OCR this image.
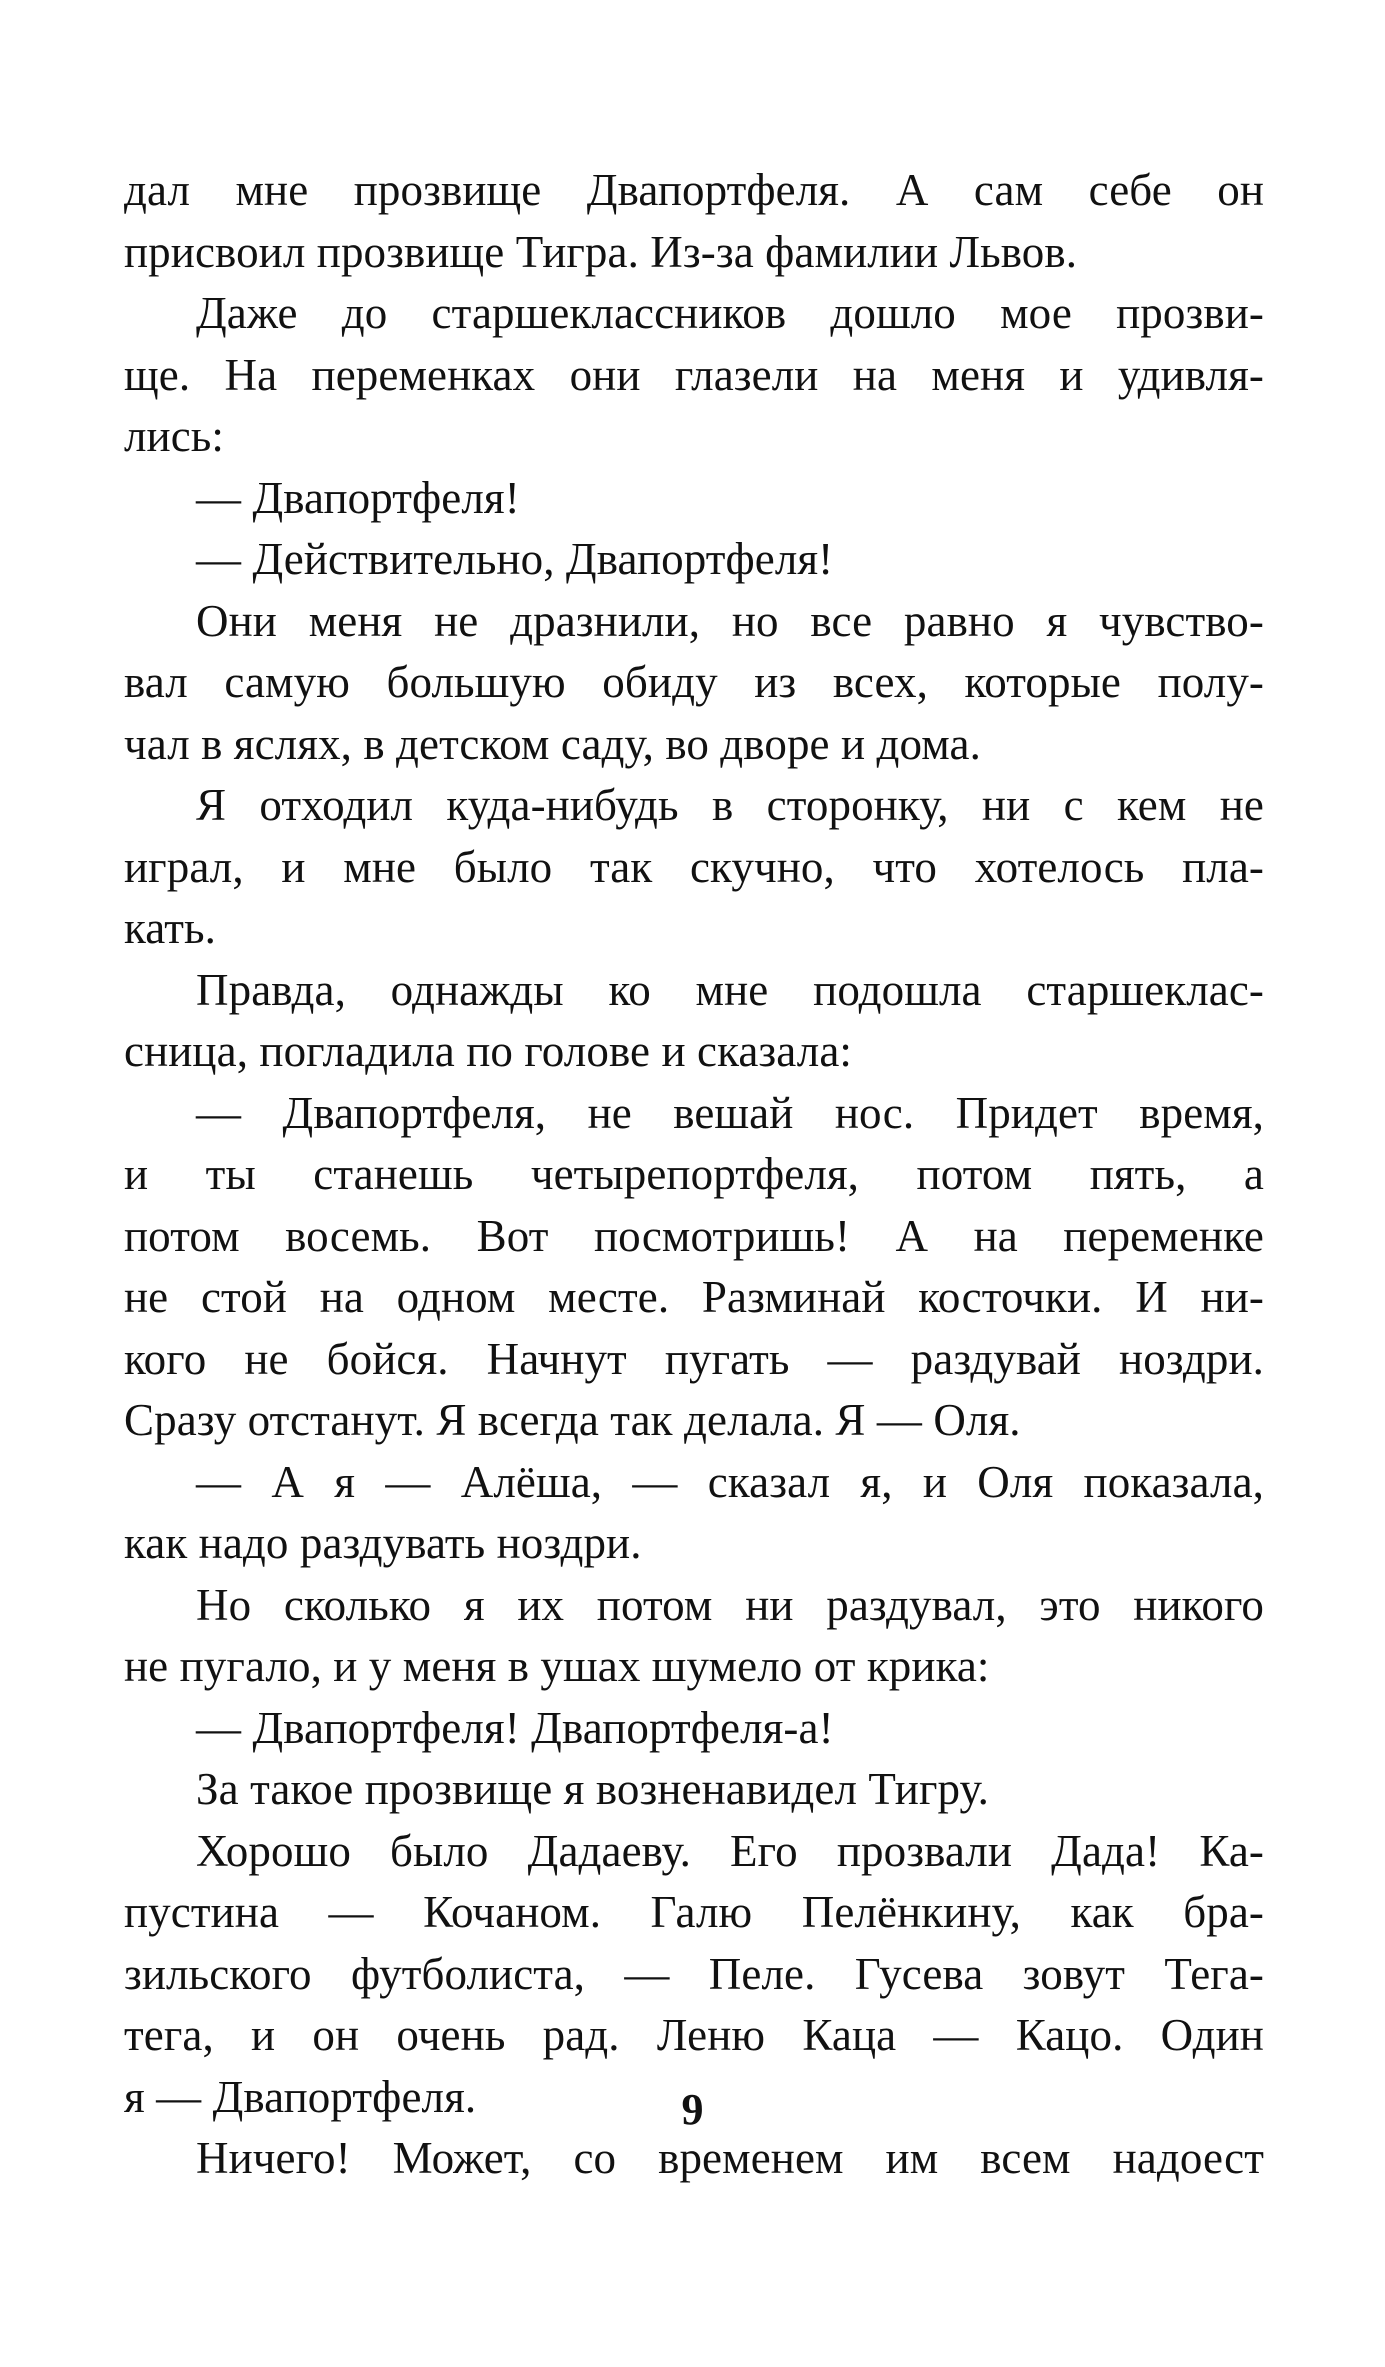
дал мне прозвище Двапортфеля. А сам себе он
присвоил прозвище Тигра. Из-за фамилии Львов.
Даже до старшеклассников дошло мое прозви-
ще. На переменках они глазели на меня и удивля-
лись:
— Двапортфеля!
— Действительно, Двапортфеля!
Они меня не дразнили, но все равно я чувство-
вал самую большую обиду из всех, которые полу-
чал в яслях, в детском саду, во дворе и дома.
Я отходил куда-нибудь в сторонку, ни с кем не
играл, и мне было так скучно, что хотелось пла-
кать.
Правда, однажды ко мне подошла старшеклас-
сница, погладила по голове и сказала:
— Двапортфеля, не вешай нос. Придет время,
и ты станешь четырепортфеля, потом пять, а
потом восемь. Вот посмотришь! А на переменке
не стой на одном месте. Разминай косточки. И ни-
кого не бойся. Начнут пугать — раздувай ноздри.
Сразу отстанут. Я всегда так делала. Я — Оля.
— А я — Алёша, — сказал я, и Оля показала,
как надо раздувать ноздри.
Но сколько я их потом ни раздувал, это никого
не пугало, и у меня в ушах шумело от крика:
— Двапортфеля! Двапортфеля-а!
За такое прозвище я возненавидел Тигру.
Хорошо было Дадаеву. Его прозвали Дада! Ка-
пустина — Кочаном. Галю Пелёнкину, как бра-
зильского футболиста, — Пеле. Гусева зовут Тега-
тега, и он очень рад. Леню Каца — Кацо. Один
я — Двапортфеля.
Ничего! Может, со временем им всем надоест
9
